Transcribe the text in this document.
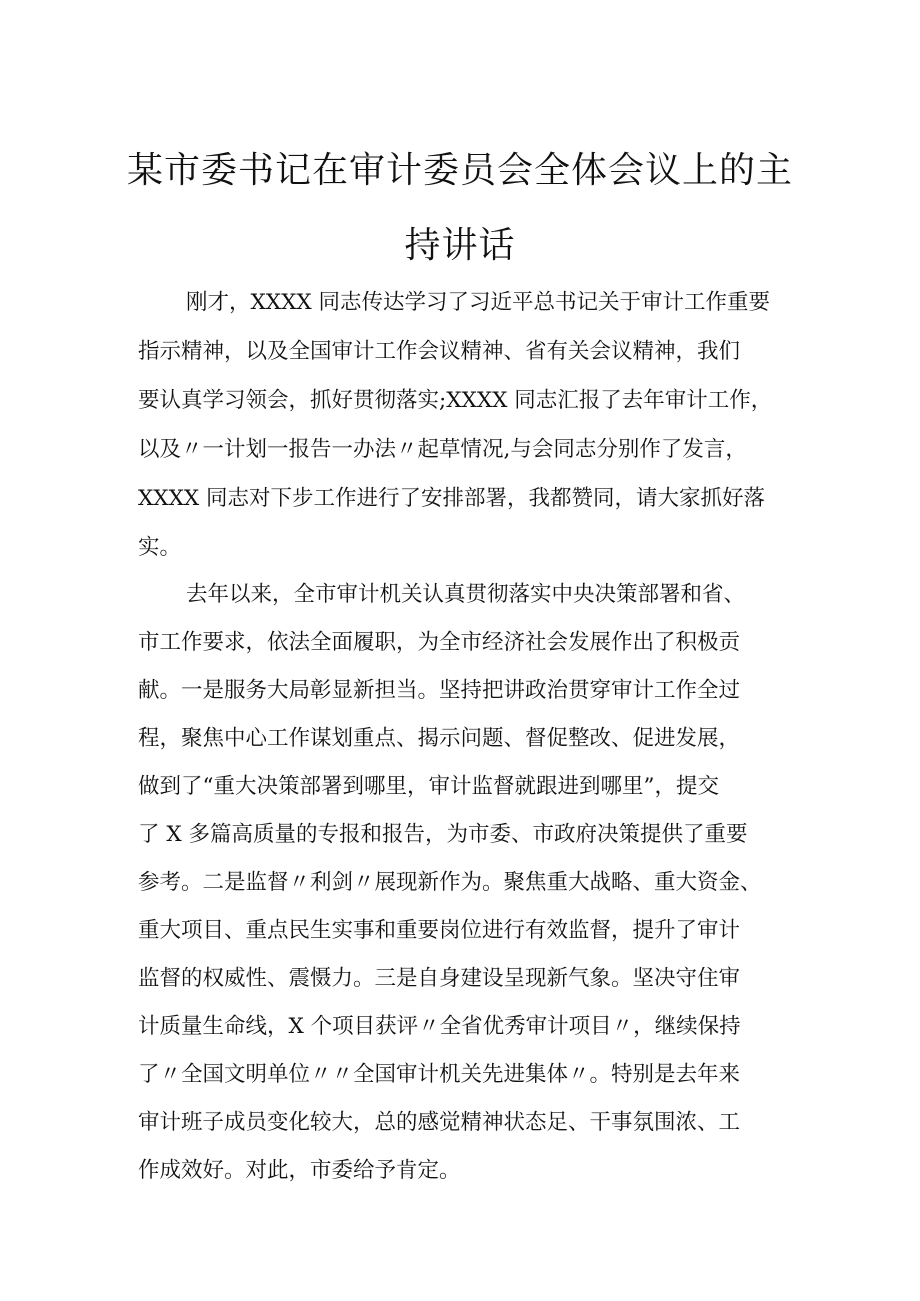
某市委书记在审计委员会全体会议上的主
持讲话
刚才，XXXX 同志传达学习了习近平总书记关于审计工作重要
指示精神，以及全国审计工作会议精神、省有关会议精神，我们
要认真学习领会，抓好贯彻落实;XXXX 同志汇报了去年审计工作，
以及〃一计划一报告一办法〃起草情况,与会同志分别作了发言，
XXXX 同志对下步工作进行了安排部署，我都赞同，请大家抓好落
实。
去年以来，全市审计机关认真贯彻落实中央决策部署和省、
市工作要求，依法全面履职，为全市经济社会发展作出了积极贡
献。一是服务大局彰显新担当。坚持把讲政治贯穿审计工作全过
程，聚焦中心工作谋划重点、揭示问题、督促整改、促进发展，
做到了“重大决策部署到哪里，审计监督就跟进到哪里”，提交
了 X 多篇高质量的专报和报告，为市委、市政府决策提供了重要
参考。二是监督〃利剑〃展现新作为。聚焦重大战略、重大资金、
重大项目、重点民生实事和重要岗位进行有效监督，提升了审计
监督的权威性、震慑力。三是自身建设呈现新气象。坚决守住审
计质量生命线，X 个项目获评〃全省优秀审计项目〃，继续保持
了〃全国文明单位〃〃全国审计机关先进集体〃。特别是去年来
审计班子成员变化较大，总的感觉精神状态足、干事氛围浓、工
作成效好。对此，市委给予肯定。
